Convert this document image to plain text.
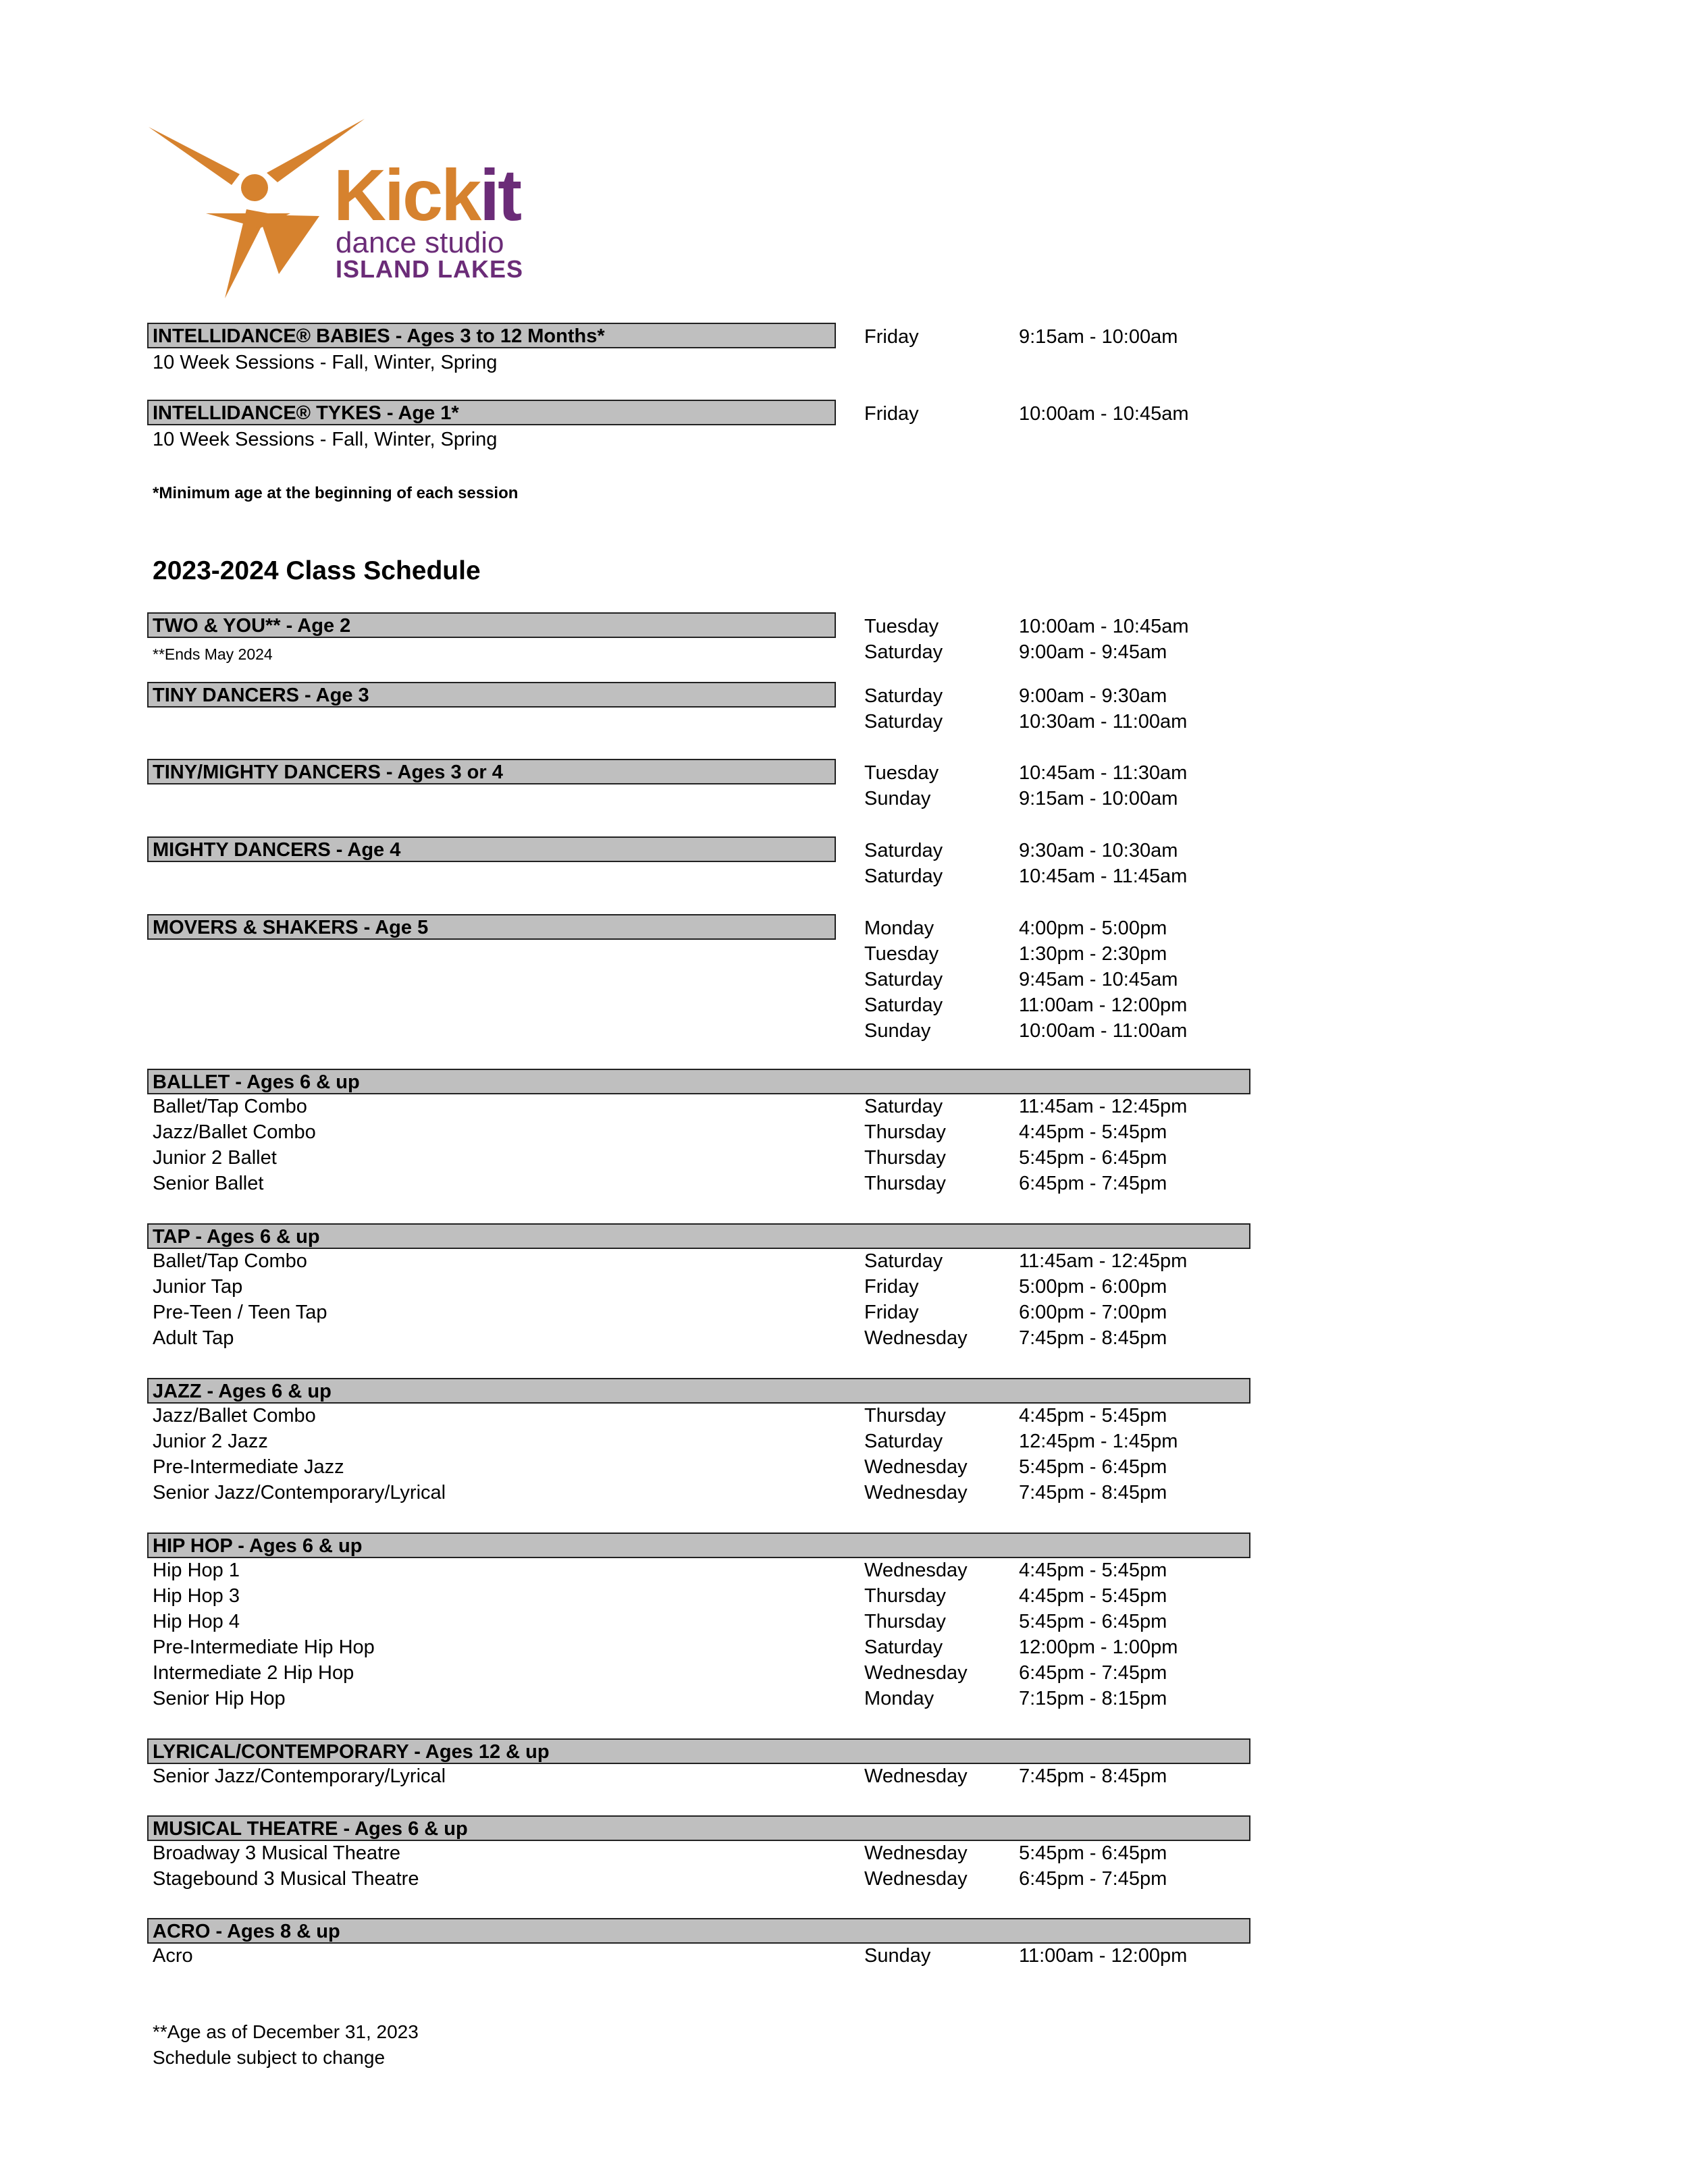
Kickit
dance studio
ISLAND LAKES
INTELLIDANCE® BABIES - Ages 3 to 12 Months*	Friday	9:15am - 10:00am
10 Week Sessions - Fall, Winter, Spring
INTELLIDANCE® TYKES - Age 1*	Friday	10:00am - 10:45am
10 Week Sessions - Fall, Winter, Spring
*Minimum age at the beginning of each session
2023-2024 Class Schedule
TWO & YOU** - Age 2	Tuesday	10:00am - 10:45am
**Ends May 2024	Saturday	9:00am - 9:45am
TINY DANCERS - Age 3	Saturday	9:00am - 9:30am
Saturday	10:30am - 11:00am
TINY/MIGHTY DANCERS - Ages 3 or 4	Tuesday	10:45am - 11:30am
Sunday	9:15am - 10:00am
MIGHTY DANCERS - Age 4	Saturday	9:30am - 10:30am
Saturday	10:45am - 11:45am
MOVERS & SHAKERS - Age 5	Monday	4:00pm - 5:00pm
Tuesday	1:30pm - 2:30pm
Saturday	9:45am - 10:45am
Saturday	11:00am - 12:00pm
Sunday	10:00am - 11:00am
BALLET - Ages 6 & up
Ballet/Tap Combo	Saturday	11:45am - 12:45pm
Jazz/Ballet Combo	Thursday	4:45pm - 5:45pm
Junior 2 Ballet	Thursday	5:45pm - 6:45pm
Senior Ballet	Thursday	6:45pm - 7:45pm
TAP - Ages 6 & up
Ballet/Tap Combo	Saturday	11:45am - 12:45pm
Junior Tap	Friday	5:00pm - 6:00pm
Pre-Teen / Teen Tap	Friday	6:00pm - 7:00pm
Adult Tap	Wednesday	7:45pm - 8:45pm
JAZZ - Ages 6 & up
Jazz/Ballet Combo	Thursday	4:45pm - 5:45pm
Junior 2 Jazz	Saturday	12:45pm - 1:45pm
Pre-Intermediate Jazz	Wednesday	5:45pm - 6:45pm
Senior Jazz/Contemporary/Lyrical	Wednesday	7:45pm - 8:45pm
HIP HOP - Ages 6 & up
Hip Hop 1	Wednesday	4:45pm - 5:45pm
Hip Hop 3	Thursday	4:45pm - 5:45pm
Hip Hop 4	Thursday	5:45pm - 6:45pm
Pre-Intermediate Hip Hop	Saturday	12:00pm - 1:00pm
Intermediate 2 Hip Hop	Wednesday	6:45pm - 7:45pm
Senior Hip Hop	Monday	7:15pm - 8:15pm
LYRICAL/CONTEMPORARY - Ages 12 & up
Senior Jazz/Contemporary/Lyrical	Wednesday	7:45pm - 8:45pm
MUSICAL THEATRE - Ages 6 & up
Broadway 3 Musical Theatre	Wednesday	5:45pm - 6:45pm
Stagebound 3 Musical Theatre	Wednesday	6:45pm - 7:45pm
ACRO - Ages 8 & up
Acro	Sunday	11:00am - 12:00pm
**Age as of December 31, 2023
Schedule subject to change
